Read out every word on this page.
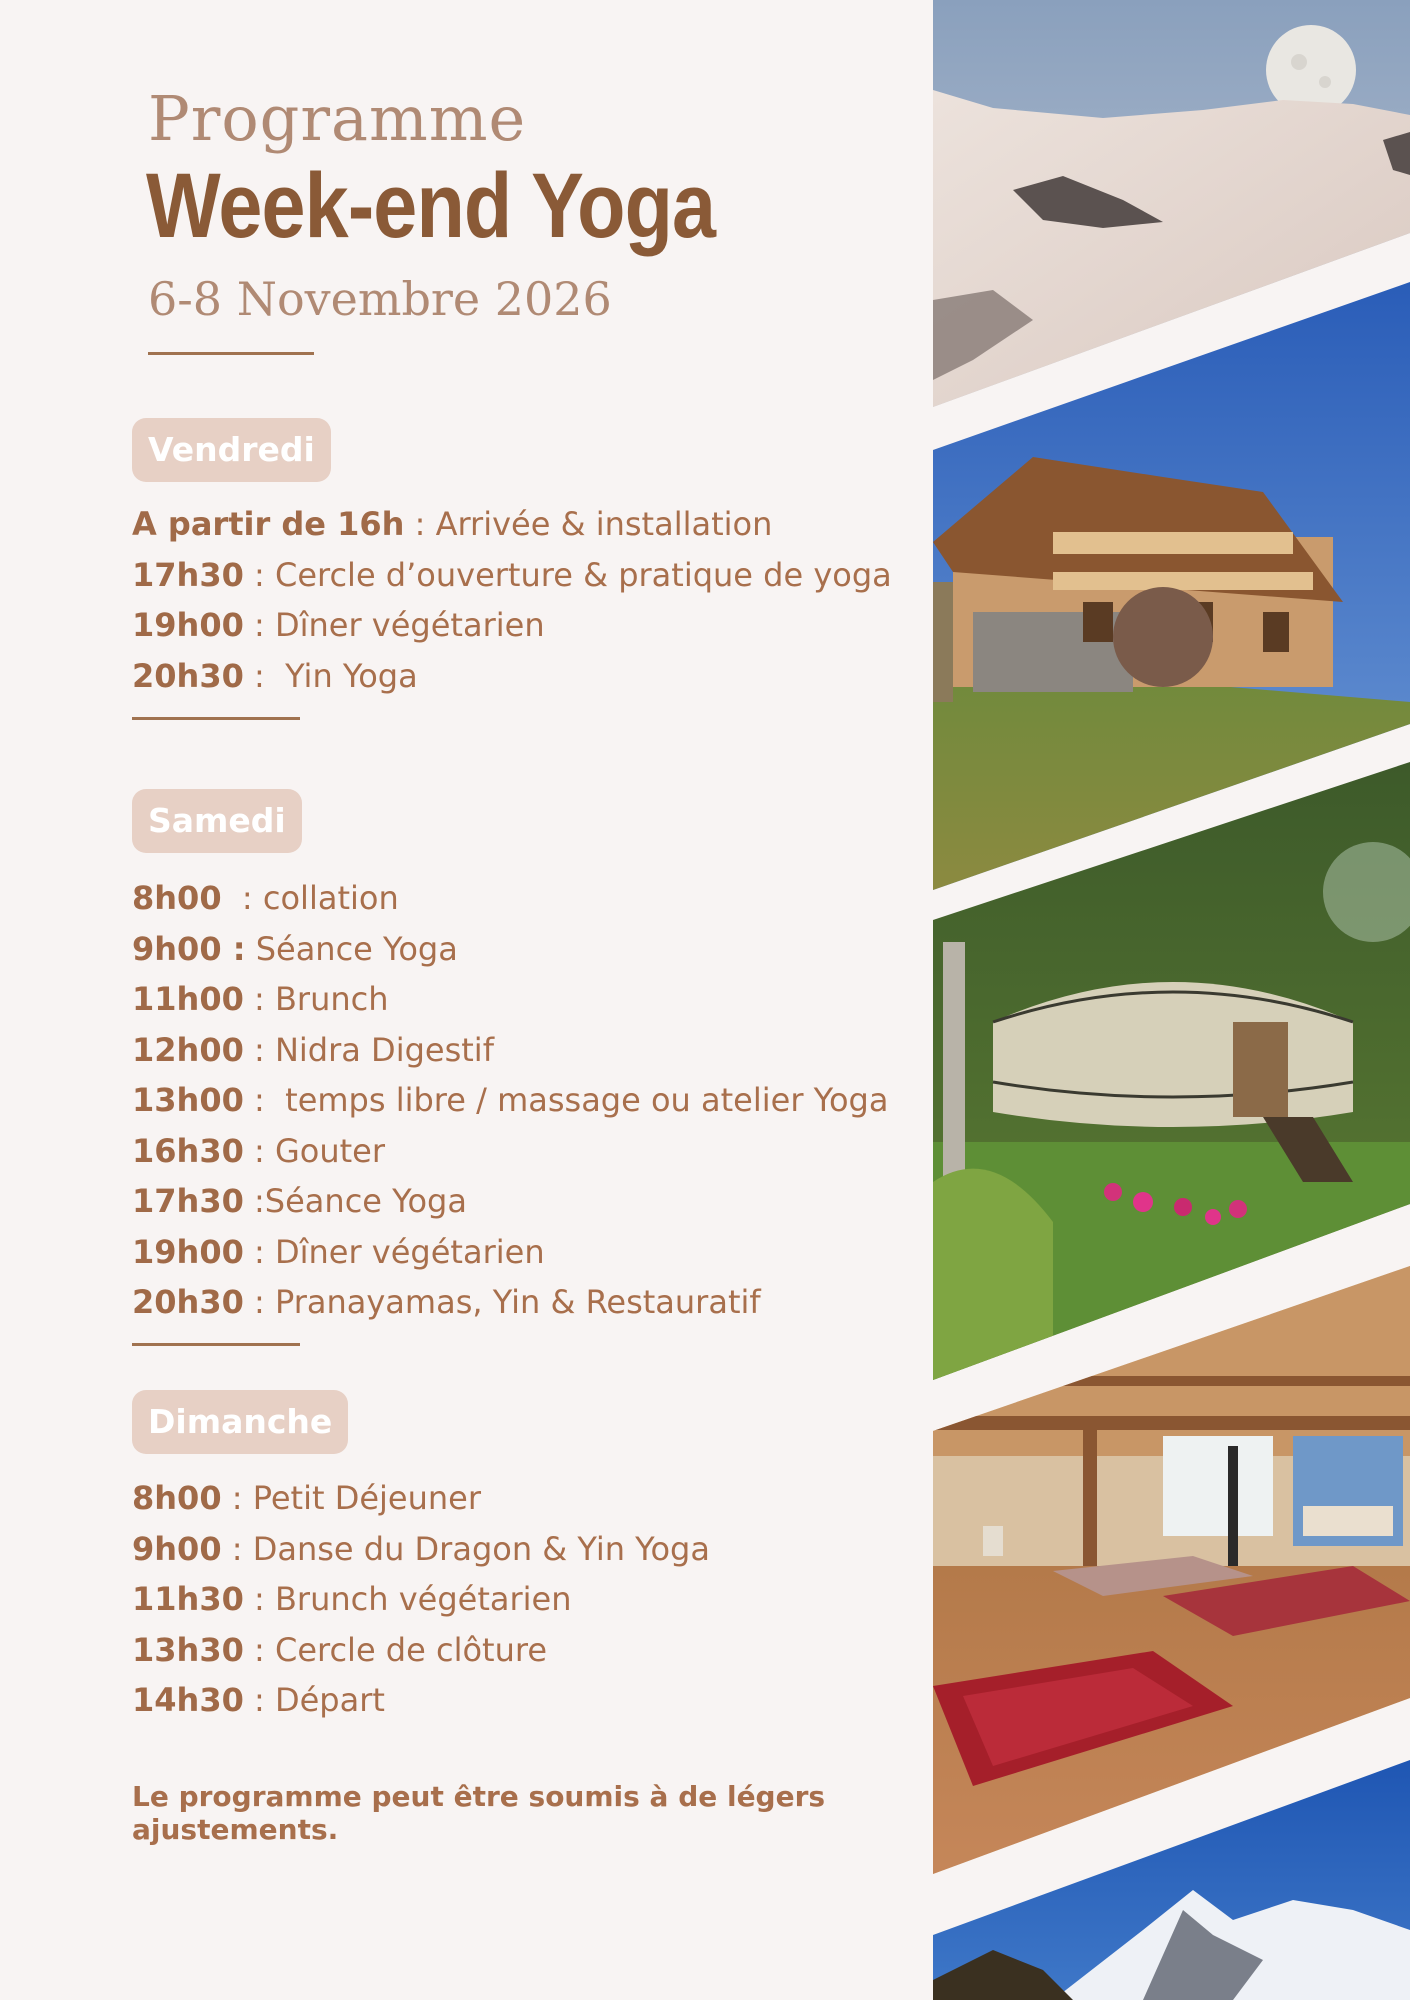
Programme
Week-end Yoga

6-8 Novembre 2026

Vendredi
A partir de 16h : Arrivée & installation
17h30 : Cercle d’ouverture & pratique de yoga
19h00 : Dîner végétarien
20h30 :  Yin Yoga
Samedi
8h00  : collation
9h00 : Séance Yoga
11h00 : Brunch
12h00 : Nidra Digestif
13h00 :  temps libre / massage ou atelier Yoga
16h30 : Gouter
17h30 :Séance Yoga
19h00 : Dîner végétarien
20h30 : Pranayamas, Yin & Restauratif
Dimanche
8h00 : Petit Déjeuner
9h00 : Danse du Dragon & Yin Yoga
11h30 : Brunch végétarien
13h30 : Cercle de clôture
14h30 : Départ

Le programme peut être soumis à de légers ajustements.
